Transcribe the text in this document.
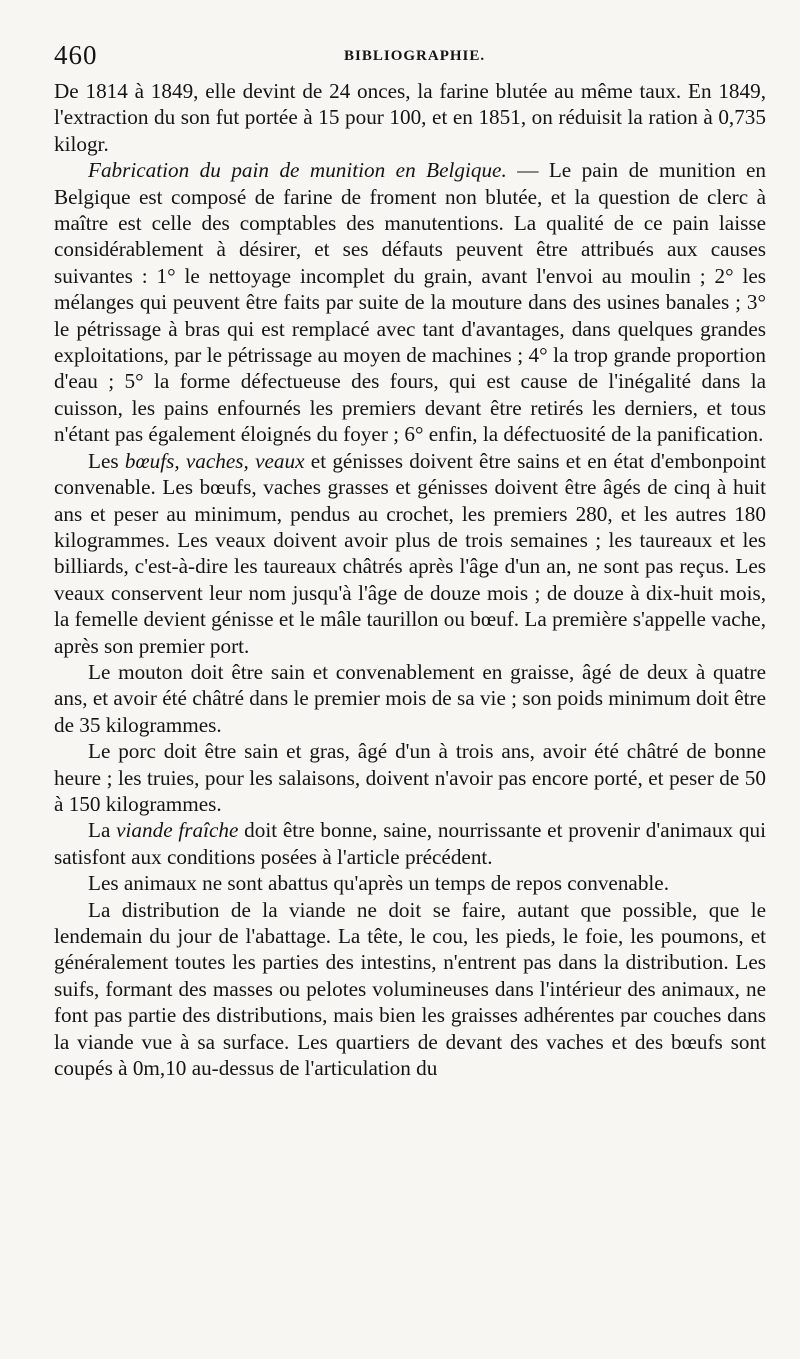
460	BIBLIOGRAPHIE.

De 1814 à 1849, elle devint de 24 onces, la farine blutée au même taux. En 1849, l'extraction du son fut portée à 15 pour 100, et en 1851, on réduisit la ration à 0,735 kilogr.

Fabrication du pain de munition en Belgique. — Le pain de munition en Belgique est composé de farine de froment non blutée, et la question de clerc à maître est celle des comptables des manutentions. La qualité de ce pain laisse considérablement à désirer, et ses défauts peuvent être attribués aux causes suivantes : 1° le nettoyage incomplet du grain, avant l'envoi au moulin ; 2° les mélanges qui peuvent être faits par suite de la mouture dans des usines banales ; 3° le pétrissage à bras qui est remplacé avec tant d'avantages, dans quelques grandes exploitations, par le pétrissage au moyen de machines ; 4° la trop grande proportion d'eau ; 5° la forme défectueuse des fours, qui est cause de l'inégalité dans la cuisson, les pains enfournés les premiers devant être retirés les derniers, et tous n'étant pas également éloignés du foyer ; 6° enfin, la défectuosité de la panification.

Les bœufs, vaches, veaux et génisses doivent être sains et en état d'embonpoint convenable. Les bœufs, vaches grasses et génisses doivent être âgés de cinq à huit ans et peser au minimum, pendus au crochet, les premiers 280, et les autres 180 kilogrammes. Les veaux doivent avoir plus de trois semaines ; les taureaux et les billiards, c'est-à-dire les taureaux châtrés après l'âge d'un an, ne sont pas reçus. Les veaux conservent leur nom jusqu'à l'âge de douze mois ; de douze à dix-huit mois, la femelle devient génisse et le mâle taurillon ou bœuf. La première s'appelle vache, après son premier port.

Le mouton doit être sain et convenablement en graisse, âgé de deux à quatre ans, et avoir été châtré dans le premier mois de sa vie ; son poids minimum doit être de 35 kilogrammes.

Le porc doit être sain et gras, âgé d'un à trois ans, avoir été châtré de bonne heure ; les truies, pour les salaisons, doivent n'avoir pas encore porté, et peser de 50 à 150 kilogrammes.

La viande fraîche doit être bonne, saine, nourrissante et provenir d'animaux qui satisfont aux conditions posées à l'article précédent.

Les animaux ne sont abattus qu'après un temps de repos convenable.

La distribution de la viande ne doit se faire, autant que possible, que le lendemain du jour de l'abattage. La tête, le cou, les pieds, le foie, les poumons, et généralement toutes les parties des intestins, n'entrent pas dans la distribution. Les suifs, formant des masses ou pelotes volumineuses dans l'intérieur des animaux, ne font pas partie des distributions, mais bien les graisses adhérentes par couches dans la viande vue à sa surface. Les quartiers de devant des vaches et des bœufs sont coupés à 0m,10 au-dessus de l'articulation du
